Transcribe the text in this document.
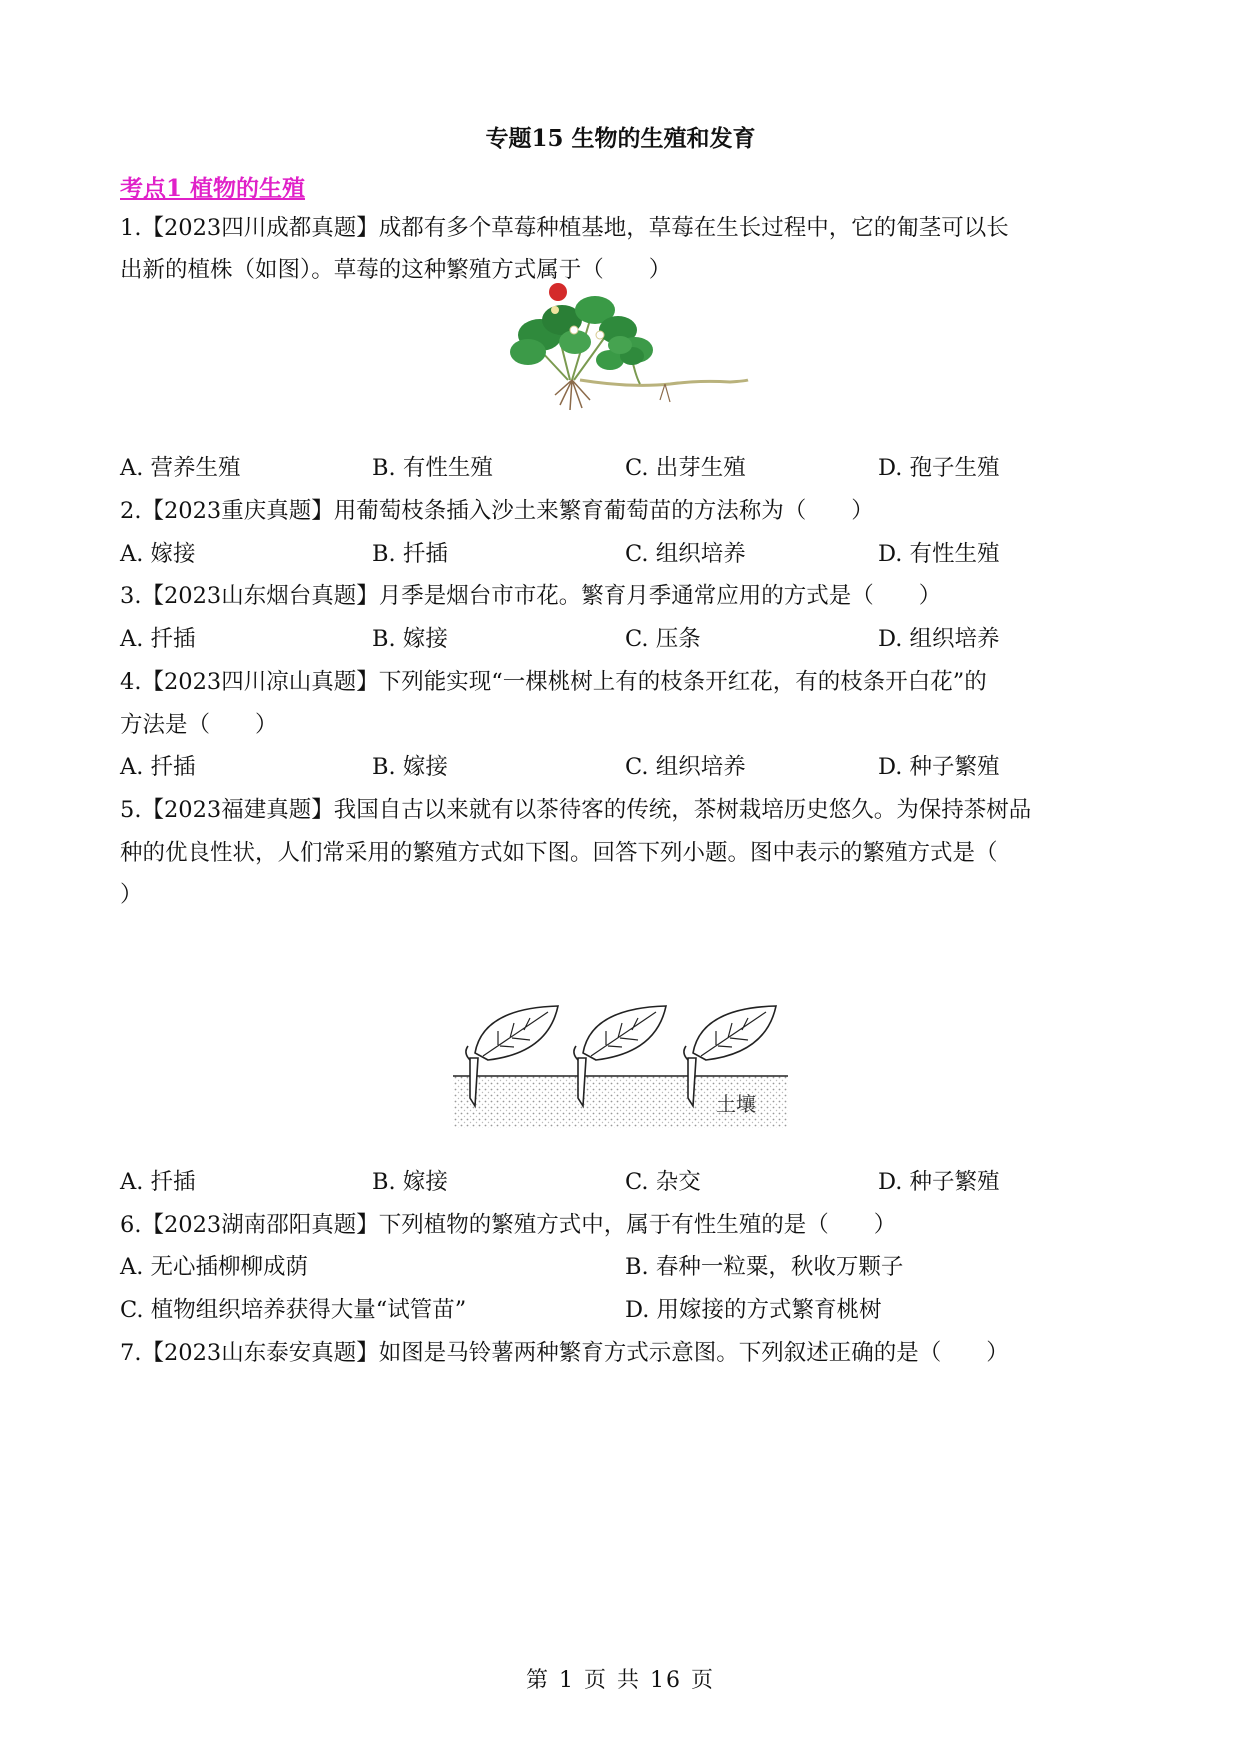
专题15 生物的生殖和发育
考点1 植物的生殖
1.【2023四川成都真题】成都有多个草莓种植基地，草莓在生长过程中，它的匍茎可以长
出新的植株（如图）。草莓的这种繁殖方式属于（　　）
A. 营养生殖	B. 有性生殖	C. 出芽生殖	D. 孢子生殖
2.【2023重庆真题】用葡萄枝条插入沙土来繁育葡萄苗的方法称为（　　）
A. 嫁接	B. 扦插	C. 组织培养	D. 有性生殖
3.【2023山东烟台真题】月季是烟台市市花。繁育月季通常应用的方式是（　　）
A. 扦插	B. 嫁接	C. 压条	D. 组织培养
4.【2023四川凉山真题】下列能实现“一棵桃树上有的枝条开红花，有的枝条开白花”的
方法是（　　）
A. 扦插	B. 嫁接	C. 组织培养	D. 种子繁殖
5.【2023福建真题】我国自古以来就有以茶待客的传统，茶树栽培历史悠久。为保持茶树品
种的优良性状，人们常采用的繁殖方式如下图。回答下列小题。图中表示的繁殖方式是（
）
土壤
A. 扦插	B. 嫁接	C. 杂交	D. 种子繁殖
6.【2023湖南邵阳真题】下列植物的繁殖方式中，属于有性生殖的是（　　）
A. 无心插柳柳成荫	B. 春种一粒粟，秋收万颗子
C. 植物组织培养获得大量“试管苗”	D. 用嫁接的方式繁育桃树
7.【2023山东泰安真题】如图是马铃薯两种繁育方式示意图。下列叙述正确的是（　　）
第 1 页 共 16 页
